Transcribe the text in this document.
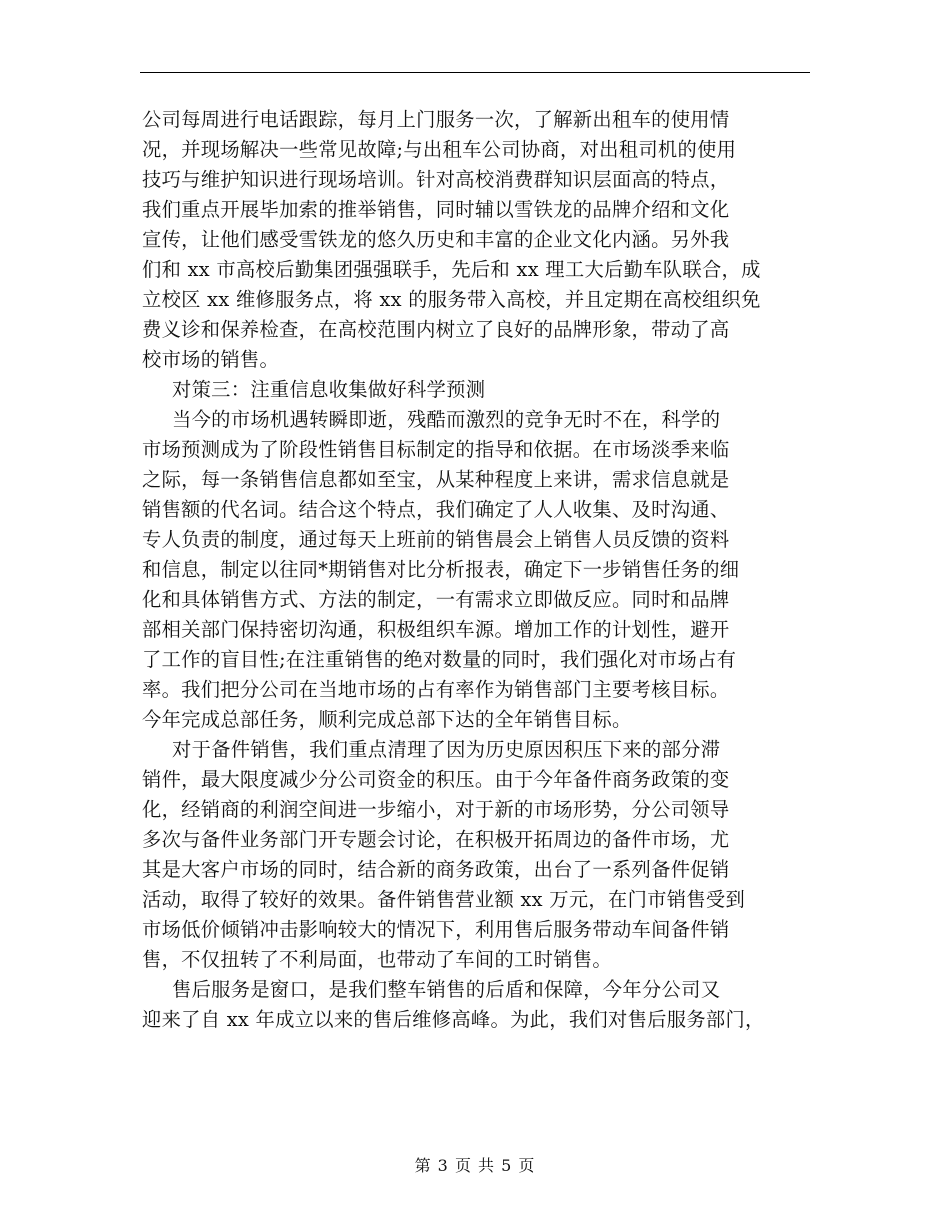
公司每周进行电话跟踪，每月上门服务一次，了解新出租车的使用情
况，并现场解决一些常见故障;与出租车公司协商，对出租司机的使用
技巧与维护知识进行现场培训。针对高校消费群知识层面高的特点，
我们重点开展毕加索的推举销售，同时辅以雪铁龙的品牌介绍和文化
宣传，让他们感受雪铁龙的悠久历史和丰富的企业文化内涵。另外我
们和 xx 市高校后勤集团强强联手，先后和 xx 理工大后勤车队联合，成
立校区 xx 维修服务点，将 xx 的服务带入高校，并且定期在高校组织免
费义诊和保养检查，在高校范围内树立了良好的品牌形象，带动了高
校市场的销售。
对策三：注重信息收集做好科学预测
当今的市场机遇转瞬即逝，残酷而激烈的竞争无时不在，科学的
市场预测成为了阶段性销售目标制定的指导和依据。在市场淡季来临
之际，每一条销售信息都如至宝，从某种程度上来讲，需求信息就是
销售额的代名词。结合这个特点，我们确定了人人收集、及时沟通、
专人负责的制度，通过每天上班前的销售晨会上销售人员反馈的资料
和信息，制定以往同*期销售对比分析报表，确定下一步销售任务的细
化和具体销售方式、方法的制定，一有需求立即做反应。同时和品牌
部相关部门保持密切沟通，积极组织车源。增加工作的计划性，避开
了工作的盲目性;在注重销售的绝对数量的同时，我们强化对市场占有
率。我们把分公司在当地市场的占有率作为销售部门主要考核目标。
今年完成总部任务，顺利完成总部下达的全年销售目标。
对于备件销售，我们重点清理了因为历史原因积压下来的部分滞
销件，最大限度减少分公司资金的积压。由于今年备件商务政策的变
化，经销商的利润空间进一步缩小，对于新的市场形势，分公司领导
多次与备件业务部门开专题会讨论，在积极开拓周边的备件市场，尤
其是大客户市场的同时，结合新的商务政策，出台了一系列备件促销
活动，取得了较好的效果。备件销售营业额 xx 万元，在门市销售受到
市场低价倾销冲击影响较大的情况下，利用售后服务带动车间备件销
售，不仅扭转了不利局面，也带动了车间的工时销售。
售后服务是窗口，是我们整车销售的后盾和保障，今年分公司又
迎来了自 xx 年成立以来的售后维修高峰。为此，我们对售后服务部门，
第 3 页 共 5 页
